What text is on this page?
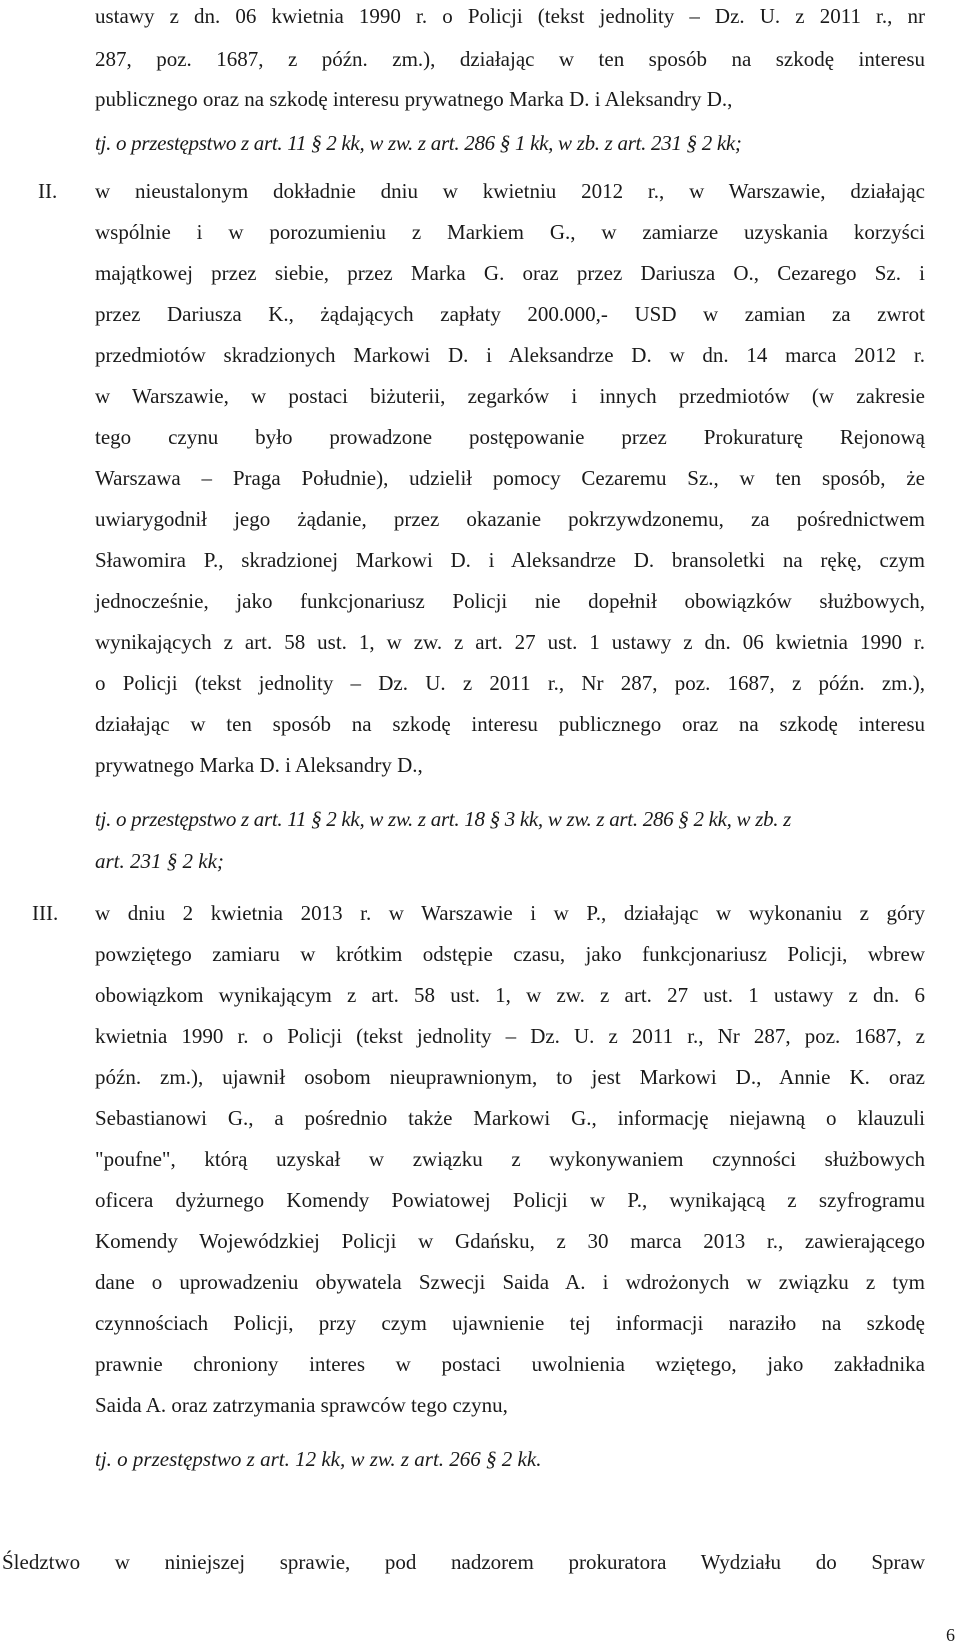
ustawy z dn. 06 kwietnia 1990 r. o Policji (tekst jednolity – Dz. U. z 2011 r., nr
287, poz. 1687, z późn. zm.), działając w ten sposób na szkodę interesu
publicznego oraz na szkodę interesu prywatnego Marka D. i Aleksandry D.,
tj. o przestępstwo z art. 11 § 2 kk, w zw. z art. 286 § 1 kk, w zb. z art. 231 § 2 kk;
II. w nieustalonym dokładnie dniu w kwietniu 2012 r., w Warszawie, działając
wspólnie i w porozumieniu z Markiem G., w zamiarze uzyskania korzyści
majątkowej przez siebie, przez Marka G. oraz przez Dariusza O., Cezarego Sz. i
przez Dariusza K., żądających zapłaty 200.000,- USD w zamian za zwrot
przedmiotów skradzionych Markowi D. i Aleksandrze D. w dn. 14 marca 2012 r.
w Warszawie, w postaci biżuterii, zegarków i innych przedmiotów (w zakresie
tego czynu było prowadzone postępowanie przez Prokuraturę Rejonową
Warszawa – Praga Południe), udzielił pomocy Cezaremu Sz., w ten sposób, że
uwiarygodnił jego żądanie, przez okazanie pokrzywdzonemu, za pośrednictwem
Sławomira P., skradzionej Markowi D. i Aleksandrze D. bransoletki na rękę, czym
jednocześnie, jako funkcjonariusz Policji nie dopełnił obowiązków służbowych,
wynikających z art. 58 ust. 1, w zw. z art. 27 ust. 1 ustawy z dn. 06 kwietnia 1990 r.
o Policji (tekst jednolity – Dz. U. z 2011 r., Nr 287, poz. 1687, z późn. zm.),
działając w ten sposób na szkodę interesu publicznego oraz na szkodę interesu
prywatnego Marka D. i Aleksandry D.,
tj. o przestępstwo z art. 11 § 2 kk, w zw. z art. 18 § 3 kk, w zw. z art. 286 § 2 kk, w zb. z
art. 231 § 2 kk;
III. w dniu 2 kwietnia 2013 r. w Warszawie i w P., działając w wykonaniu z góry
powziętego zamiaru w krótkim odstępie czasu, jako funkcjonariusz Policji, wbrew
obowiązkom wynikającym z art. 58 ust. 1, w zw. z art. 27 ust. 1 ustawy z dn. 6
kwietnia 1990 r. o Policji (tekst jednolity – Dz. U. z 2011 r., Nr 287, poz. 1687, z
późn. zm.), ujawnił osobom nieuprawnionym, to jest Markowi D., Annie K. oraz
Sebastianowi G., a pośrednio także Markowi G., informację niejawną o klauzuli
"poufne", którą uzyskał w związku z wykonywaniem czynności służbowych
oficera dyżurnego Komendy Powiatowej Policji w P., wynikającą z szyfrogramu
Komendy Wojewódzkiej Policji w Gdańsku, z 30 marca 2013 r., zawierającego
dane o uprowadzeniu obywatela Szwecji Saida A. i wdrożonych w związku z tym
czynnościach Policji, przy czym ujawnienie tej informacji naraziło na szkodę
prawnie chroniony interes w postaci uwolnienia wziętego, jako zakładnika
Saida A. oraz zatrzymania sprawców tego czynu,
tj. o przestępstwo z art. 12 kk, w zw. z art. 266 § 2 kk.
Śledztwo w niniejszej sprawie, pod nadzorem prokuratora Wydziału do Spraw
6
